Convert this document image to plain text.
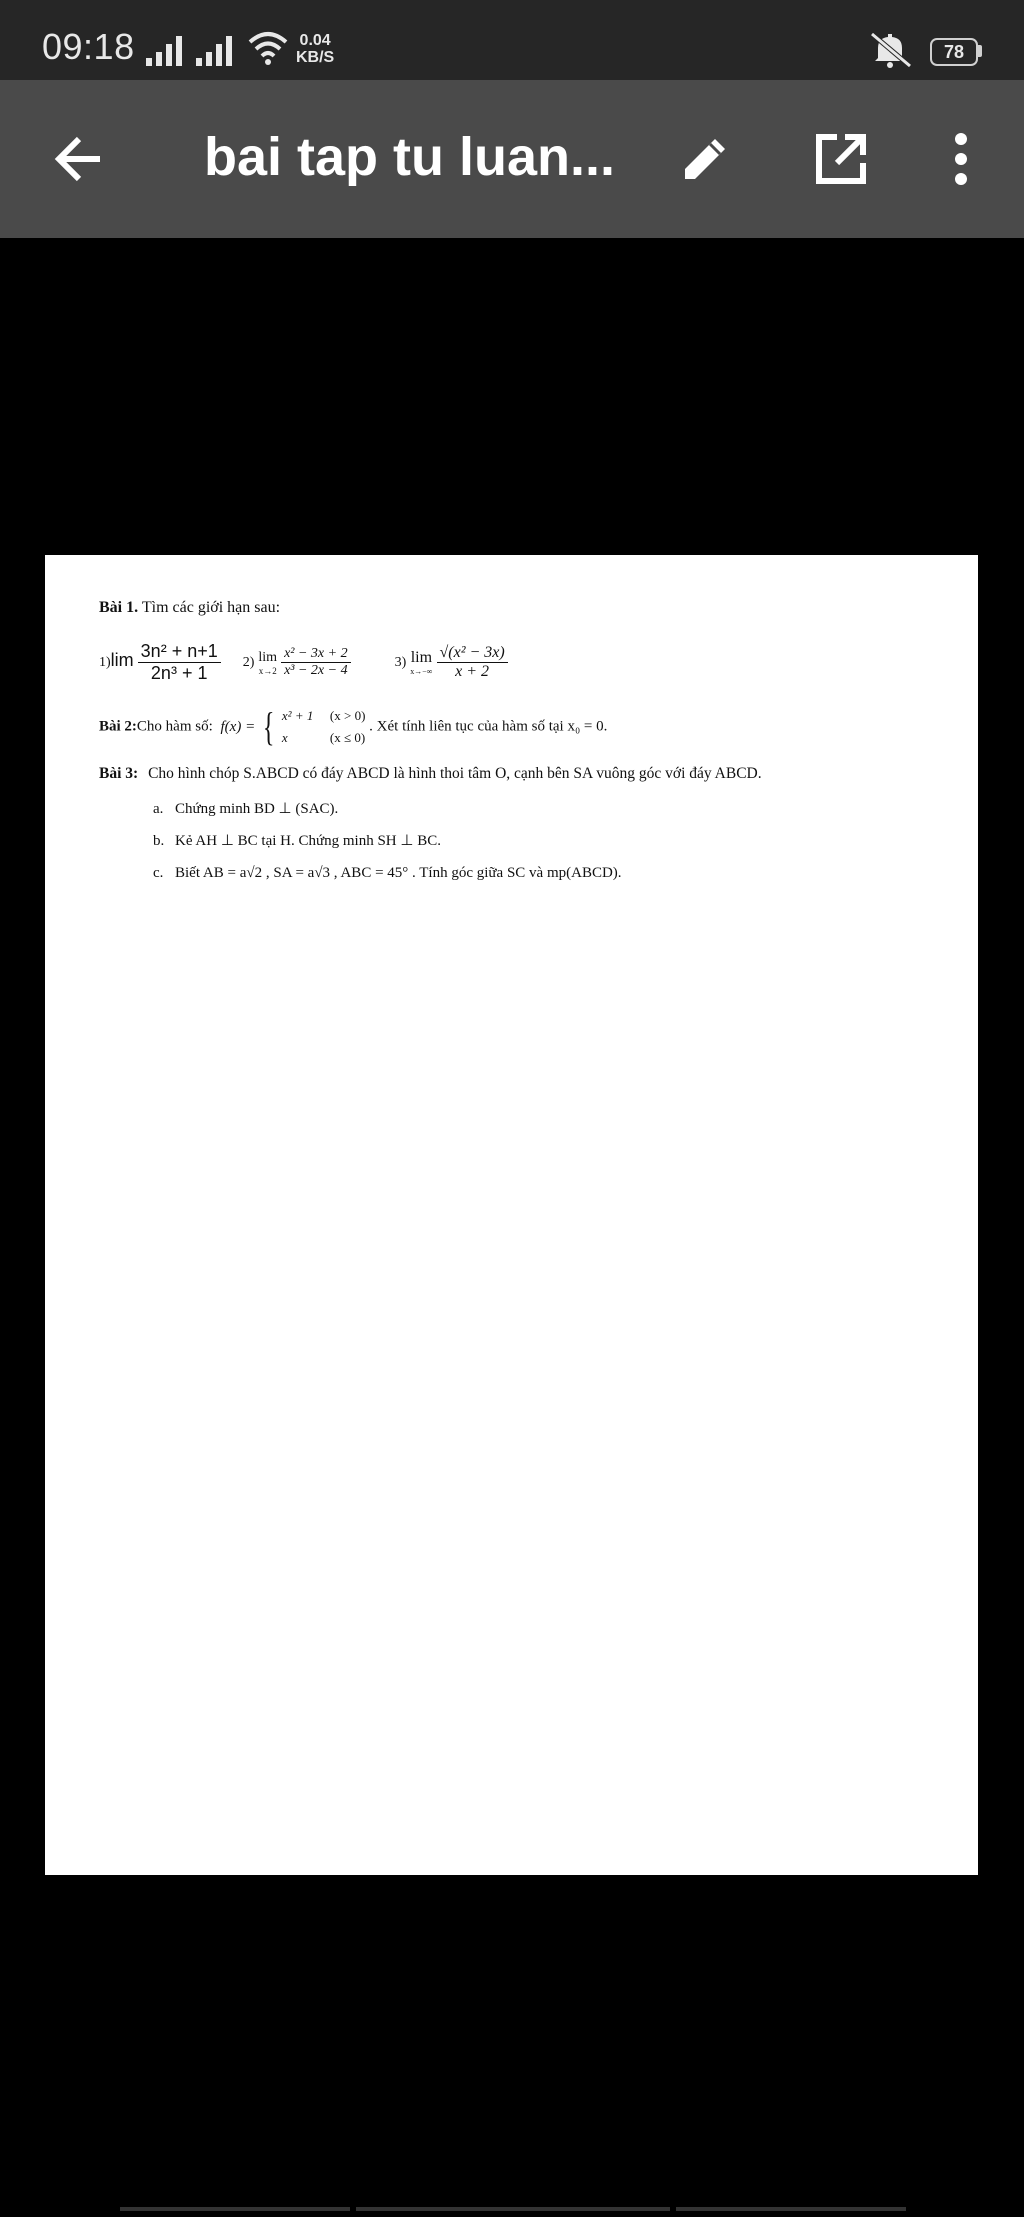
09:18	0.04
KB/S	78
bai tap tu luan...
Bài 1. Tìm các giới hạn sau:
$1)\lim \frac{\text{3n² + n+1}}{\text{2n³ + 1}} 2$) lim
x→2
$\frac{\text{x² − 3x + 2}}{\text{x³ − 2x − 4}}$	3) lim
x→−∞
$\frac{\text{√(x² − 3x)}}{x + 2}$
Bài 2:Cho hàm số: f(x) = { x² + 1 (x > 0)
x	(x ≤ 0)
. Xét tính liên tục của hàm số tại x₀ = 0.
Bài 3: Cho hình chóp S.ABCD có đáy ABCD là hình thoi tâm O, cạnh bên SA vuông góc với đáy ABCD.
a. Chứng minh BD ⊥ (SAC).
b. Kẻ AH ⊥ BC tại H. Chứng minh SH ⊥ BC.
c. Biết AB = a√2 , SA = a√3 , ABC = 45° . Tính góc giữa SC và mp(ABCD).
